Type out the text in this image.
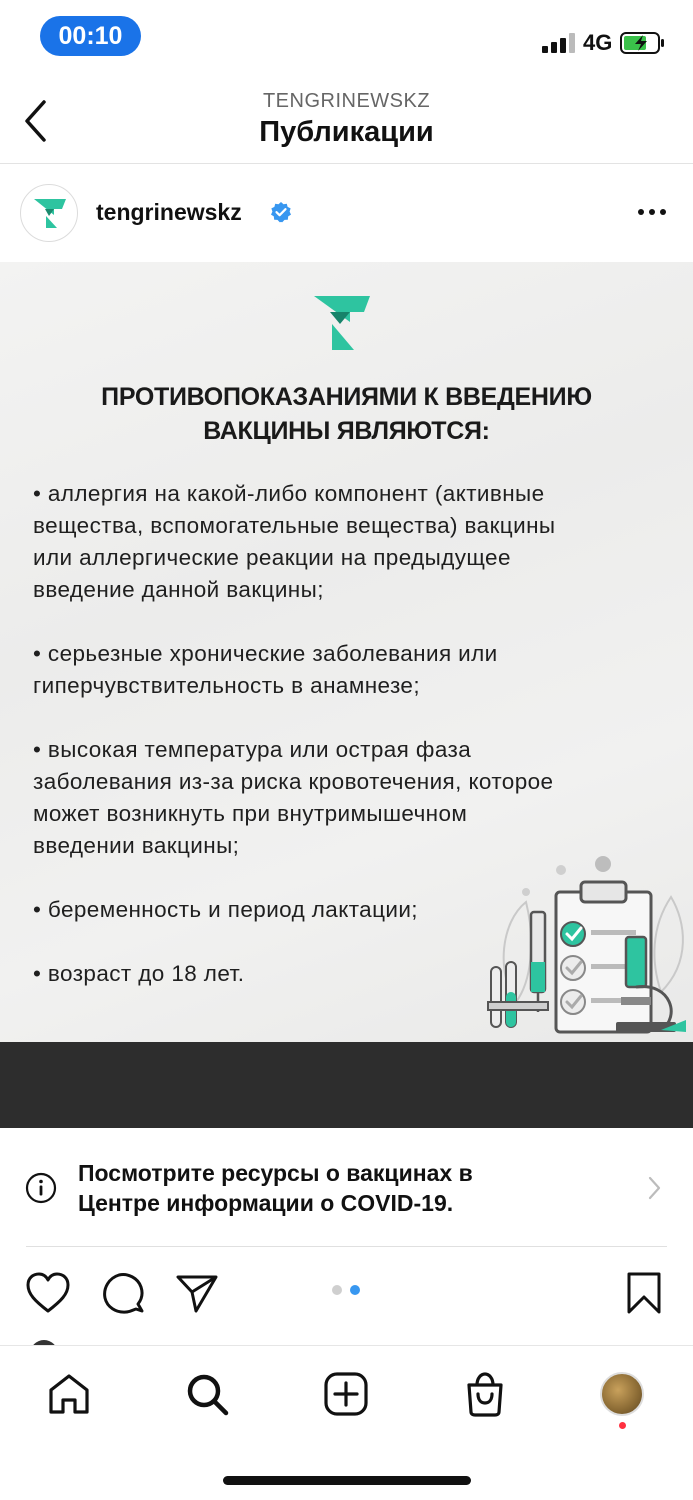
00:10	4G
TENGRINEWSKZ
Публикации
tengrinewskz
ПРОТИВОПОКАЗАНИЯМИ К ВВЕДЕНИЮ
ВАКЦИНЫ ЯВЛЯЮТСЯ:
• аллергия на какой-либо компонент (активные
вещества, вспомогательные вещества) вакцины
или аллергические реакции на предыдущее
введение данной вакцины;
• серьезные хронические заболевания или
гиперчувствительность в анамнезе;
• высокая температура или острая фаза
заболевания из-за риска кровотечения, которое
может возникнуть при внутримышечном
введении вакцины;
• беременность и период лактации;
• возраст до 18 лет.
Посмотрите ресурсы о вакцинах в
Центре информации о COVID-19.
